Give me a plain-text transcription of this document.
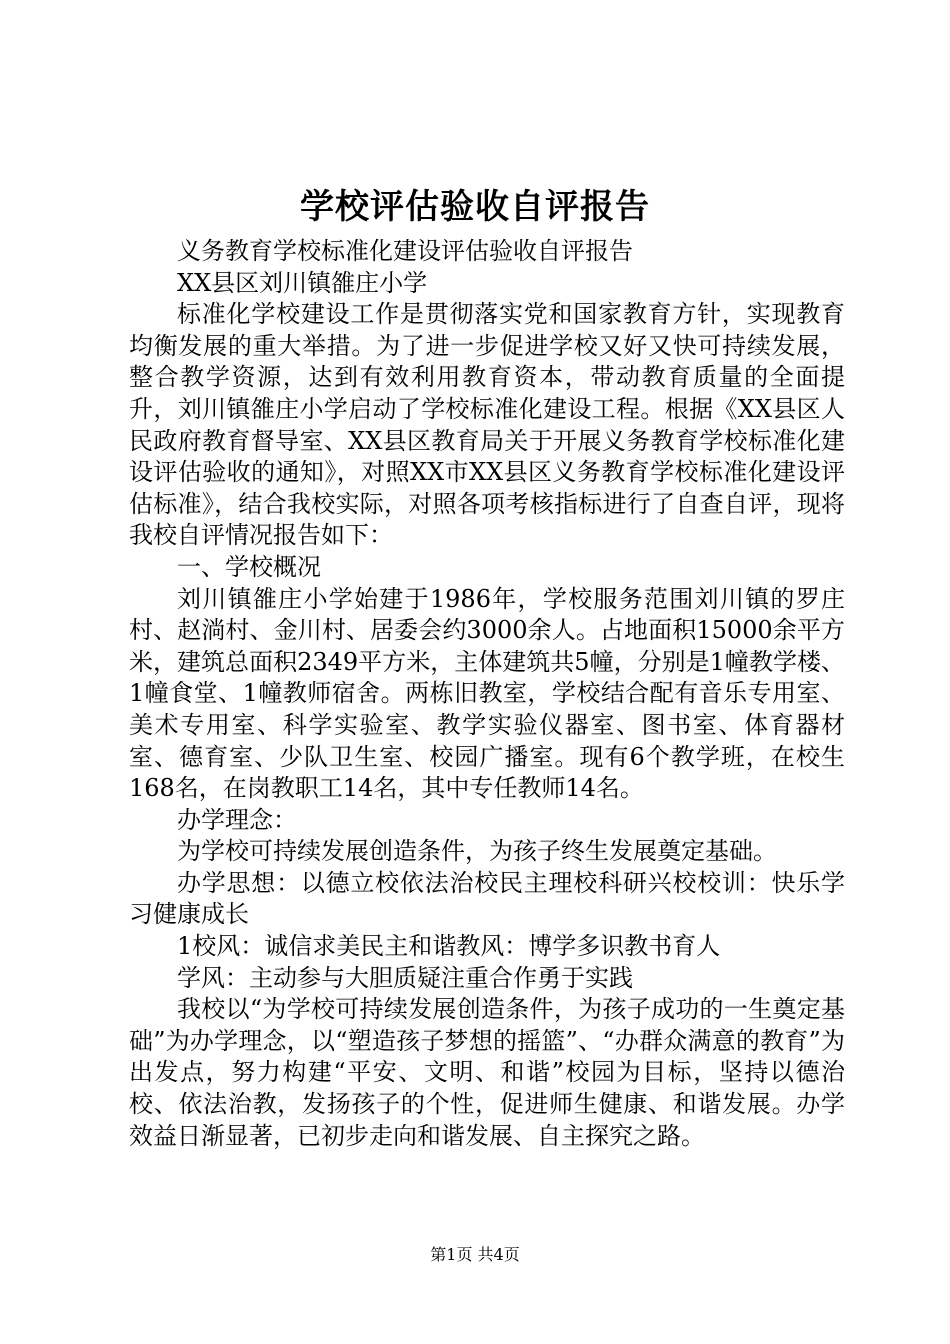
学校评估验收自评报告

义务教育学校标准化建设评估验收自评报告

XX县区刘川镇雒庄小学

标准化学校建设工作是贯彻落实党和国家教育方针，实现教育均衡发展的重大举措。为了进一步促进学校又好又快可持续发展，整合教学资源，达到有效利用教育资本，带动教育质量的全面提升，刘川镇雒庄小学启动了学校标准化建设工程。根据《XX县区人民政府教育督导室、XX县区教育局关于开展义务教育学校标准化建设评估验收的通知》，对照XX市XX县区义务教育学校标准化建设评估标准》，结合我校实际，对照各项考核指标进行了自查自评，现将我校自评情况报告如下：

一、学校概况

刘川镇雒庄小学始建于1986年，学校服务范围刘川镇的罗庄村、赵淌村、金川村、居委会约3000余人。占地面积15000余平方米，建筑总面积2349平方米，主体建筑共5幢，分别是1幢教学楼、1幢食堂、1幢教师宿舍。两栋旧教室，学校结合配有音乐专用室、美术专用室、科学实验室、教学实验仪器室、图书室、体育器材室、德育室、少队卫生室、校园广播室。现有6个教学班，在校生168名，在岗教职工14名，其中专任教师14名。

办学理念：

为学校可持续发展创造条件，为孩子终生发展奠定基础。

办学思想：以德立校依法治校民主理校科研兴校校训：快乐学习健康成长

1校风：诚信求美民主和谐教风：博学多识教书育人

学风：主动参与大胆质疑注重合作勇于实践

我校以“为学校可持续发展创造条件，为孩子成功的一生奠定基础”为办学理念，以“塑造孩子梦想的摇篮”、“办群众满意的教育”为出发点，努力构建“平安、文明、和谐”校园为目标，坚持以德治校、依法治教，发扬孩子的个性，促进师生健康、和谐发展。办学效益日渐显著，已初步走向和谐发展、自主探究之路。

第1页 共4页
